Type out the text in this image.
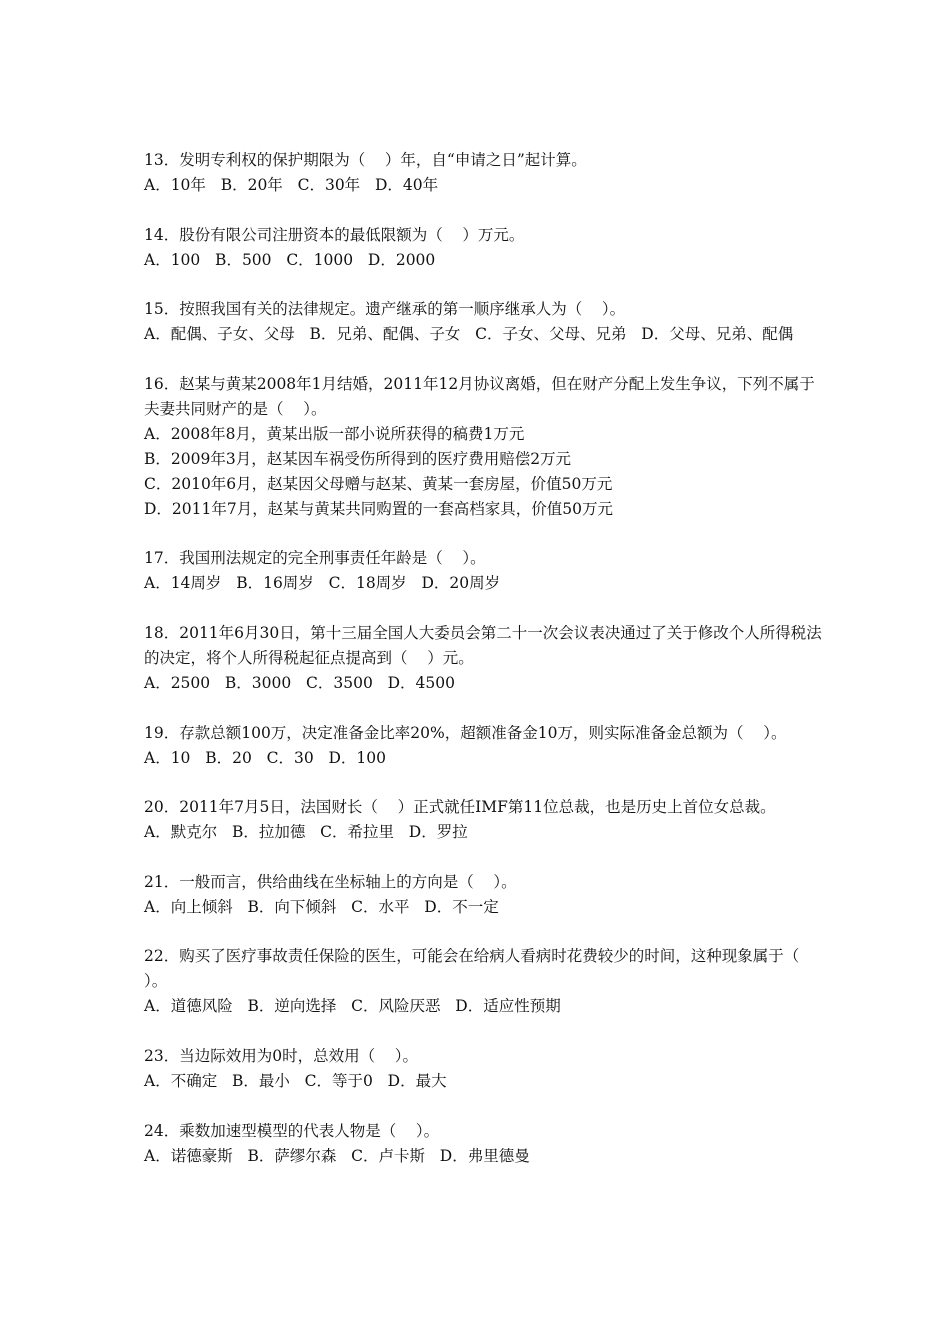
13．发明专利权的保护期限为（    ）年，自“申请之日”起计算。
A．10年   B．20年   C．30年   D．40年
14．股份有限公司注册资本的最低限额为（    ）万元。
A．100   B．500   C．1000   D．2000
15．按照我国有关的法律规定。遗产继承的第一顺序继承人为（    ）。
A．配偶、子女、父母   B．兄弟、配偶、子女   C．子女、父母、兄弟   D．父母、兄弟、配偶
16．赵某与黄某2008年1月结婚，2011年12月协议离婚，但在财产分配上发生争议，下列不属于夫妻共同财产的是（    ）。
A．2008年8月，黄某出版一部小说所获得的稿费1万元
B．2009年3月，赵某因车祸受伤所得到的医疗费用赔偿2万元
C．2010年6月，赵某因父母赠与赵某、黄某一套房屋，价值50万元
D．2011年7月，赵某与黄某共同购置的一套高档家具，价值50万元
17．我国刑法规定的完全刑事责任年龄是（    ）。
A．14周岁   B．16周岁   C．18周岁   D．20周岁
18．2011年6月30日，第十三届全国人大委员会第二十一次会议表决通过了关于修改个人所得税法的决定，将个人所得税起征点提高到（    ）元。
A．2500   B．3000   C．3500   D．4500
19．存款总额100万，决定准备金比率20%，超额准备金10万，则实际准备金总额为（    ）。
A．10   B．20   C．30   D．100
20．2011年7月5日，法国财长（    ）正式就任IMF第11位总裁，也是历史上首位女总裁。
A．默克尔   B．拉加德   C．希拉里   D．罗拉
21．一般而言，供给曲线在坐标轴上的方向是（    ）。
A．向上倾斜   B．向下倾斜   C．水平   D．不一定
22．购买了医疗事故责任保险的医生，可能会在给病人看病时花费较少的时间，这种现象属于（    ）。
A．道德风险   B．逆向选择   C．风险厌恶   D．适应性预期
23．当边际效用为0时，总效用（    ）。
A．不确定   B．最小   C．等于0   D．最大
24．乘数加速型模型的代表人物是（    ）。
A．诺德豪斯   B．萨缪尔森   C．卢卡斯   D．弗里德曼
